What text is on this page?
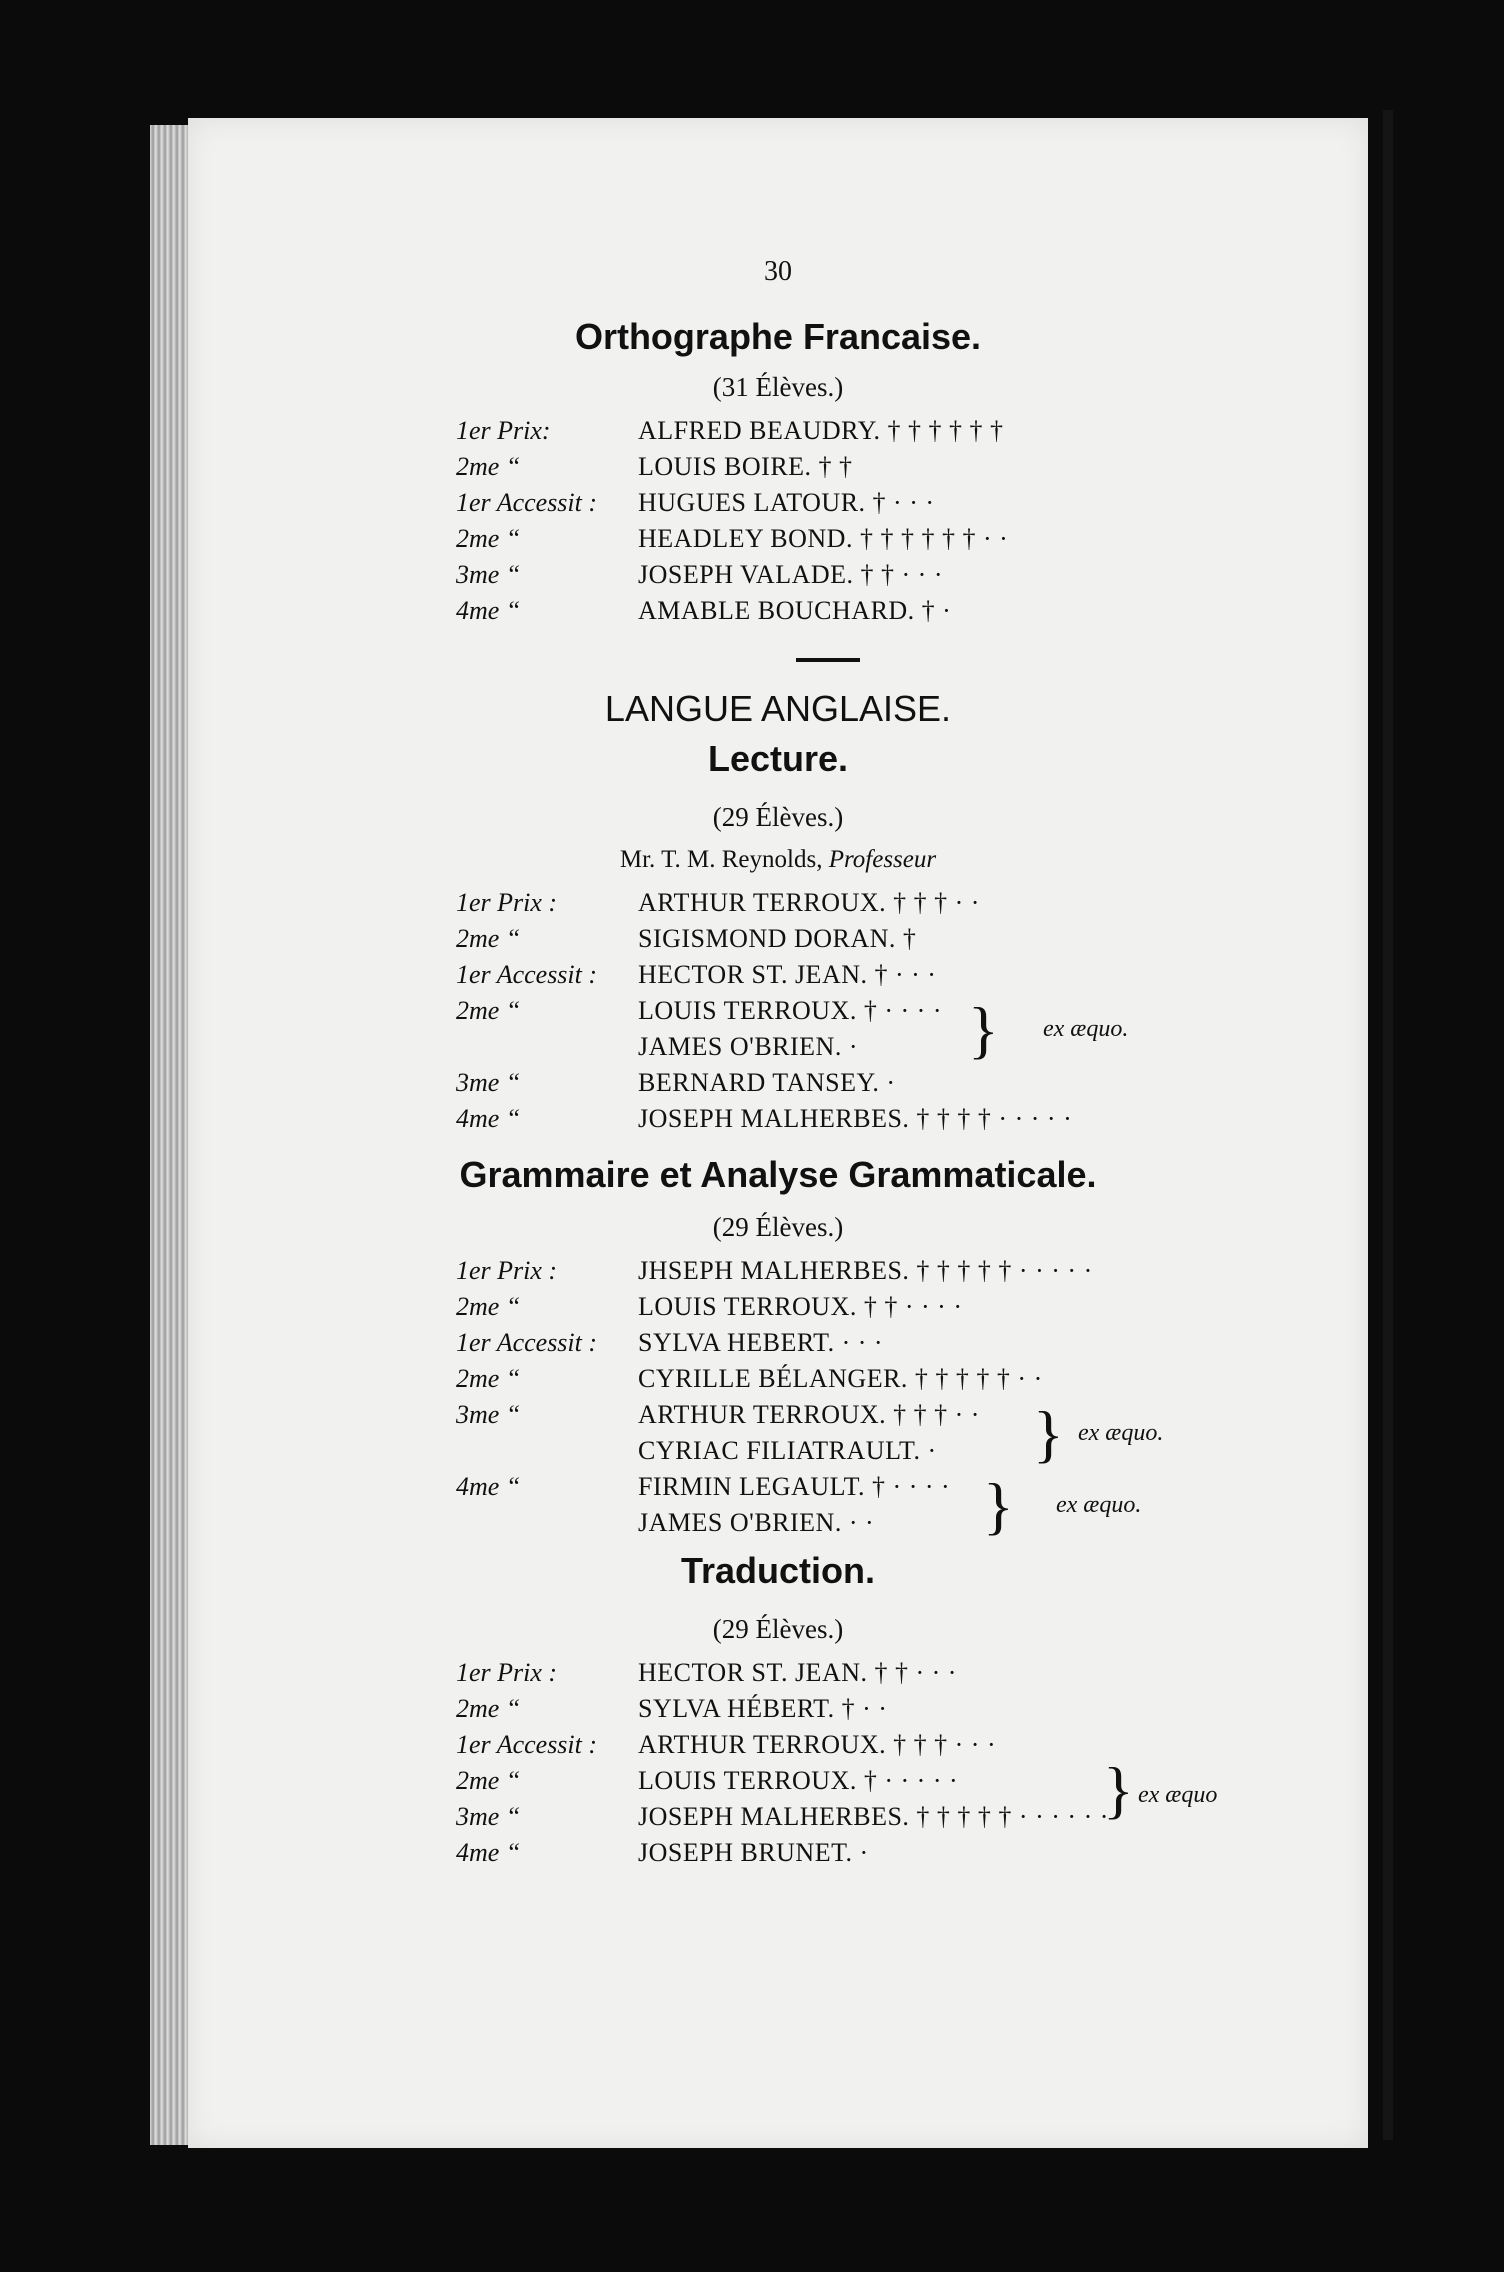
30
Orthographe Francaise.
(31 Élèves.)
1er Prix:	ALFRED BEAUDRY. † † † † † †
2me “	LOUIS BOIRE. † †
1er Accessit : HUGUES LATOUR. † · · ·
2me “	HEADLEY BOND. † † † † † † · ·
3me “	JOSEPH VALADE. † † · · ·
4me “	AMABLE BOUCHARD. † ·
LANGUE ANGLAISE.
Lecture.
(29 Élèves.)
Mr. T. M. Reynolds, Professeur
1er Prix :	ARTHUR TERROUX. † † † · ·
2me “	SIGISMOND DORAN. †
1er Accessit : HECTOR ST. JEAN. † · · ·
2me “	LOUIS TERROUX. † · · · ·
JAMES O'BRIEN. · } ex æquo.
3me “	BERNARD TANSEY. ·
4me “	JOSEPH MALHERBES. † † † † · · · · ·
Grammaire et Analyse Grammaticale.
(29 Élèves.)
1er Prix :	JHSEPH MALHERBES. † † † † † · · · · ·
2me “	LOUIS TERROUX. † † · · · ·
1er Accessit : SYLVA HEBERT. · · ·
2me “	CYRILLE BÉLANGER. † † † † † · ·
3me “	ARTHUR TERROUX. † † † · ·
CYRIAC FILIATRAULT. · } ex æquo.
4me “	FIRMIN LEGAULT. † · · · ·
JAMES O'BRIEN. · · } ex æquo.
Traduction.
(29 Élèves.)
1er Prix :	HECTOR ST. JEAN. † † · · ·
2me “	SYLVA HÉBERT. † · ·
1er Accessit : ARTHUR TERROUX. † † † · · ·
2me “	LOUIS TERROUX. † · · · · ·
3me “	JOSEPH MALHERBES. † † † † † · · · · · ·
} ex æquo
4me “	JOSEPH BRUNET. ·
